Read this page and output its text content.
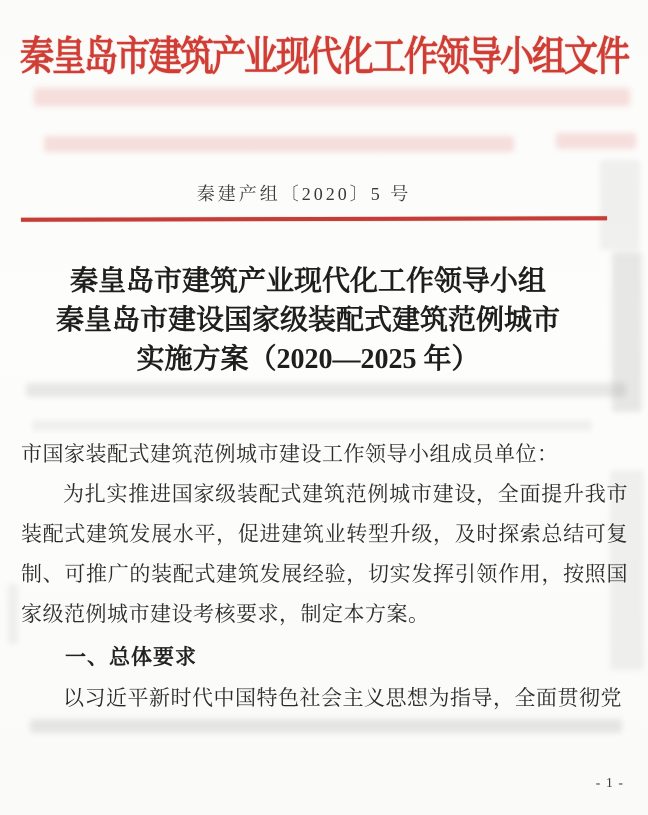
秦皇岛市建筑产业现代化工作领导小组文件
秦建产组〔2020〕5 号
秦皇岛市建筑产业现代化工作领导小组
秦皇岛市建设国家级装配式建筑范例城市
实施方案（2020—2025 年）
市国家装配式建筑范例城市建设工作领导小组成员单位：
为扎实推进国家级装配式建筑范例城市建设，全面提升我市
装配式建筑发展水平，促进建筑业转型升级，及时探索总结可复
制、可推广的装配式建筑发展经验，切实发挥引领作用，按照国
家级范例城市建设考核要求，制定本方案。
一、总体要求
以习近平新时代中国特色社会主义思想为指导，全面贯彻党
- 1 -
